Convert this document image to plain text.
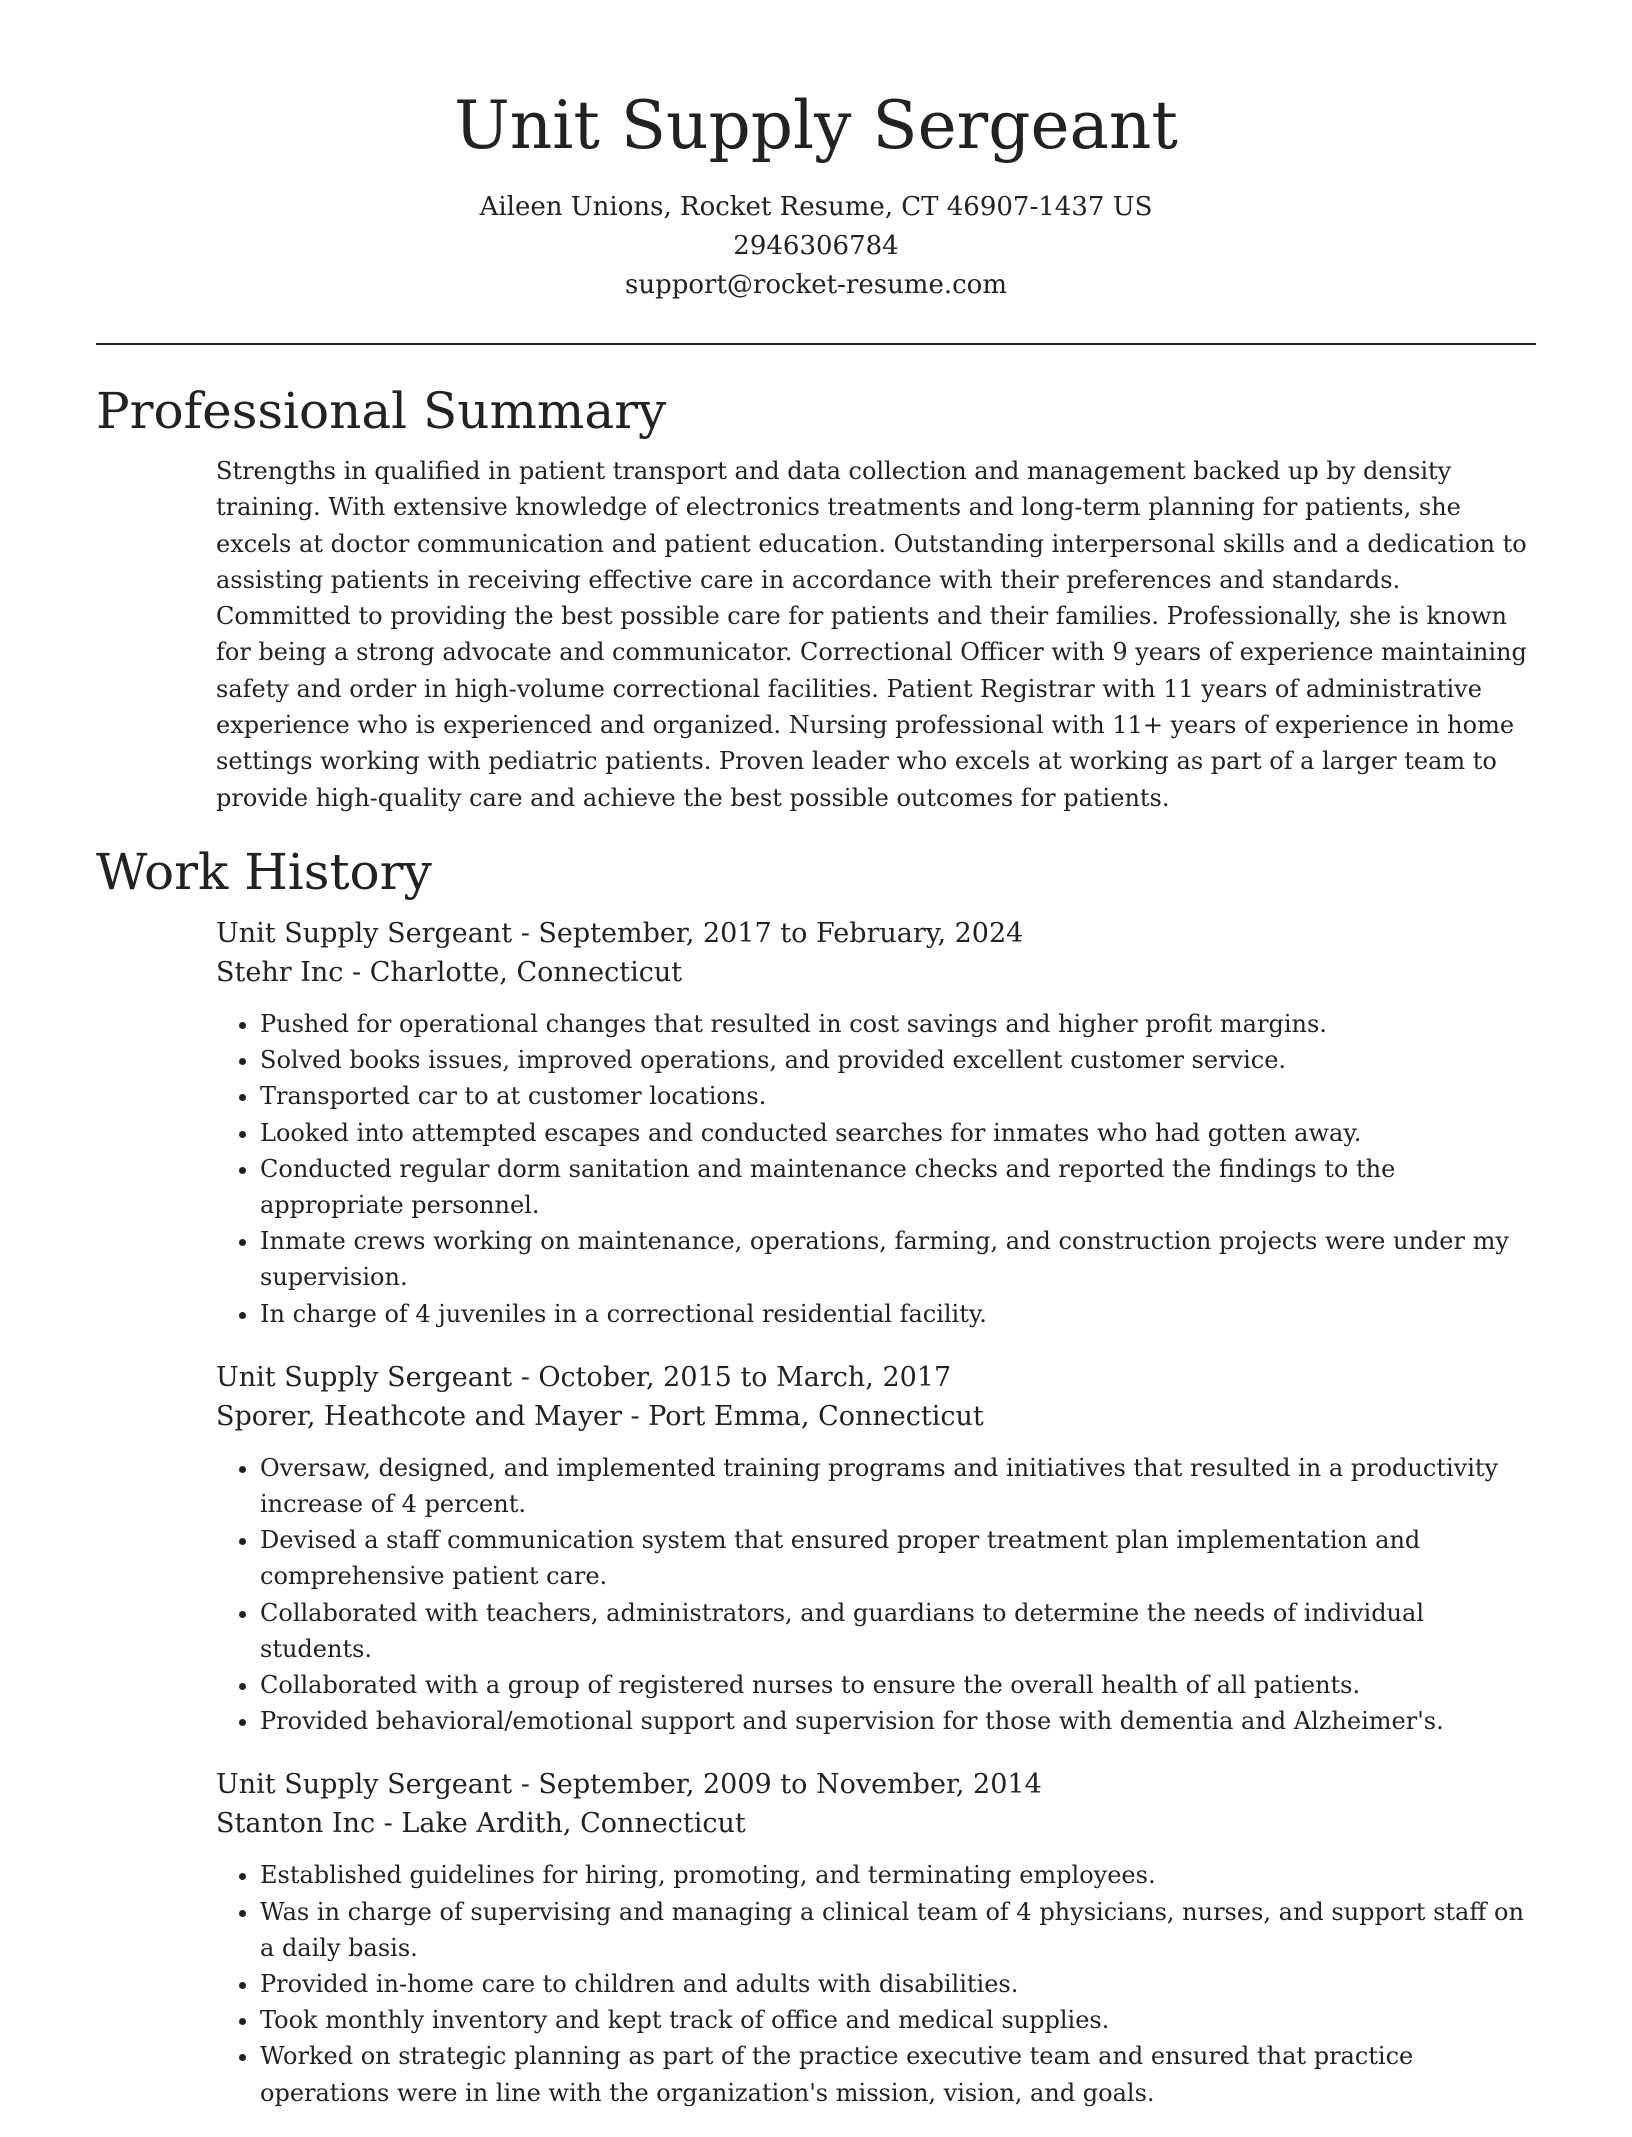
Unit Supply Sergeant

Aileen Unions, Rocket Resume, CT 46907-1437 US

2946306784

support@rocket-resume.com

Professional Summary

Strengths in qualified in patient transport and data collection and management backed up by density training. With extensive knowledge of electronics treatments and long-term planning for patients, she excels at doctor communication and patient education. Outstanding interpersonal skills and a dedication to assisting patients in receiving effective care in accordance with their preferences and standards. Committed to providing the best possible care for patients and their families. Professionally, she is known for being a strong advocate and communicator. Correctional Officer with 9 years of experience maintaining safety and order in high-volume correctional facilities. Patient Registrar with 11 years of administrative experience who is experienced and organized. Nursing professional with 11+ years of experience in home settings working with pediatric patients. Proven leader who excels at working as part of a larger team to provide high-quality care and achieve the best possible outcomes for patients.

Work History

Unit Supply Sergeant - September, 2017 to February, 2024

Stehr Inc - Charlotte, Connecticut

• Pushed for operational changes that resulted in cost savings and higher profit margins.
• Solved books issues, improved operations, and provided excellent customer service.
• Transported car to at customer locations.
• Looked into attempted escapes and conducted searches for inmates who had gotten away.
• Conducted regular dorm sanitation and maintenance checks and reported the findings to the appropriate personnel.
• Inmate crews working on maintenance, operations, farming, and construction projects were under my supervision.
• In charge of 4 juveniles in a correctional residential facility.

Unit Supply Sergeant - October, 2015 to March, 2017

Sporer, Heathcote and Mayer - Port Emma, Connecticut

• Oversaw, designed, and implemented training programs and initiatives that resulted in a productivity increase of 4 percent.
• Devised a staff communication system that ensured proper treatment plan implementation and comprehensive patient care.
• Collaborated with teachers, administrators, and guardians to determine the needs of individual students.
• Collaborated with a group of registered nurses to ensure the overall health of all patients.
• Provided behavioral/emotional support and supervision for those with dementia and Alzheimer's.

Unit Supply Sergeant - September, 2009 to November, 2014

Stanton Inc - Lake Ardith, Connecticut

• Established guidelines for hiring, promoting, and terminating employees.
• Was in charge of supervising and managing a clinical team of 4 physicians, nurses, and support staff on a daily basis.
• Provided in-home care to children and adults with disabilities.
• Took monthly inventory and kept track of office and medical supplies.
• Worked on strategic planning as part of the practice executive team and ensured that practice operations were in line with the organization's mission, vision, and goals.
